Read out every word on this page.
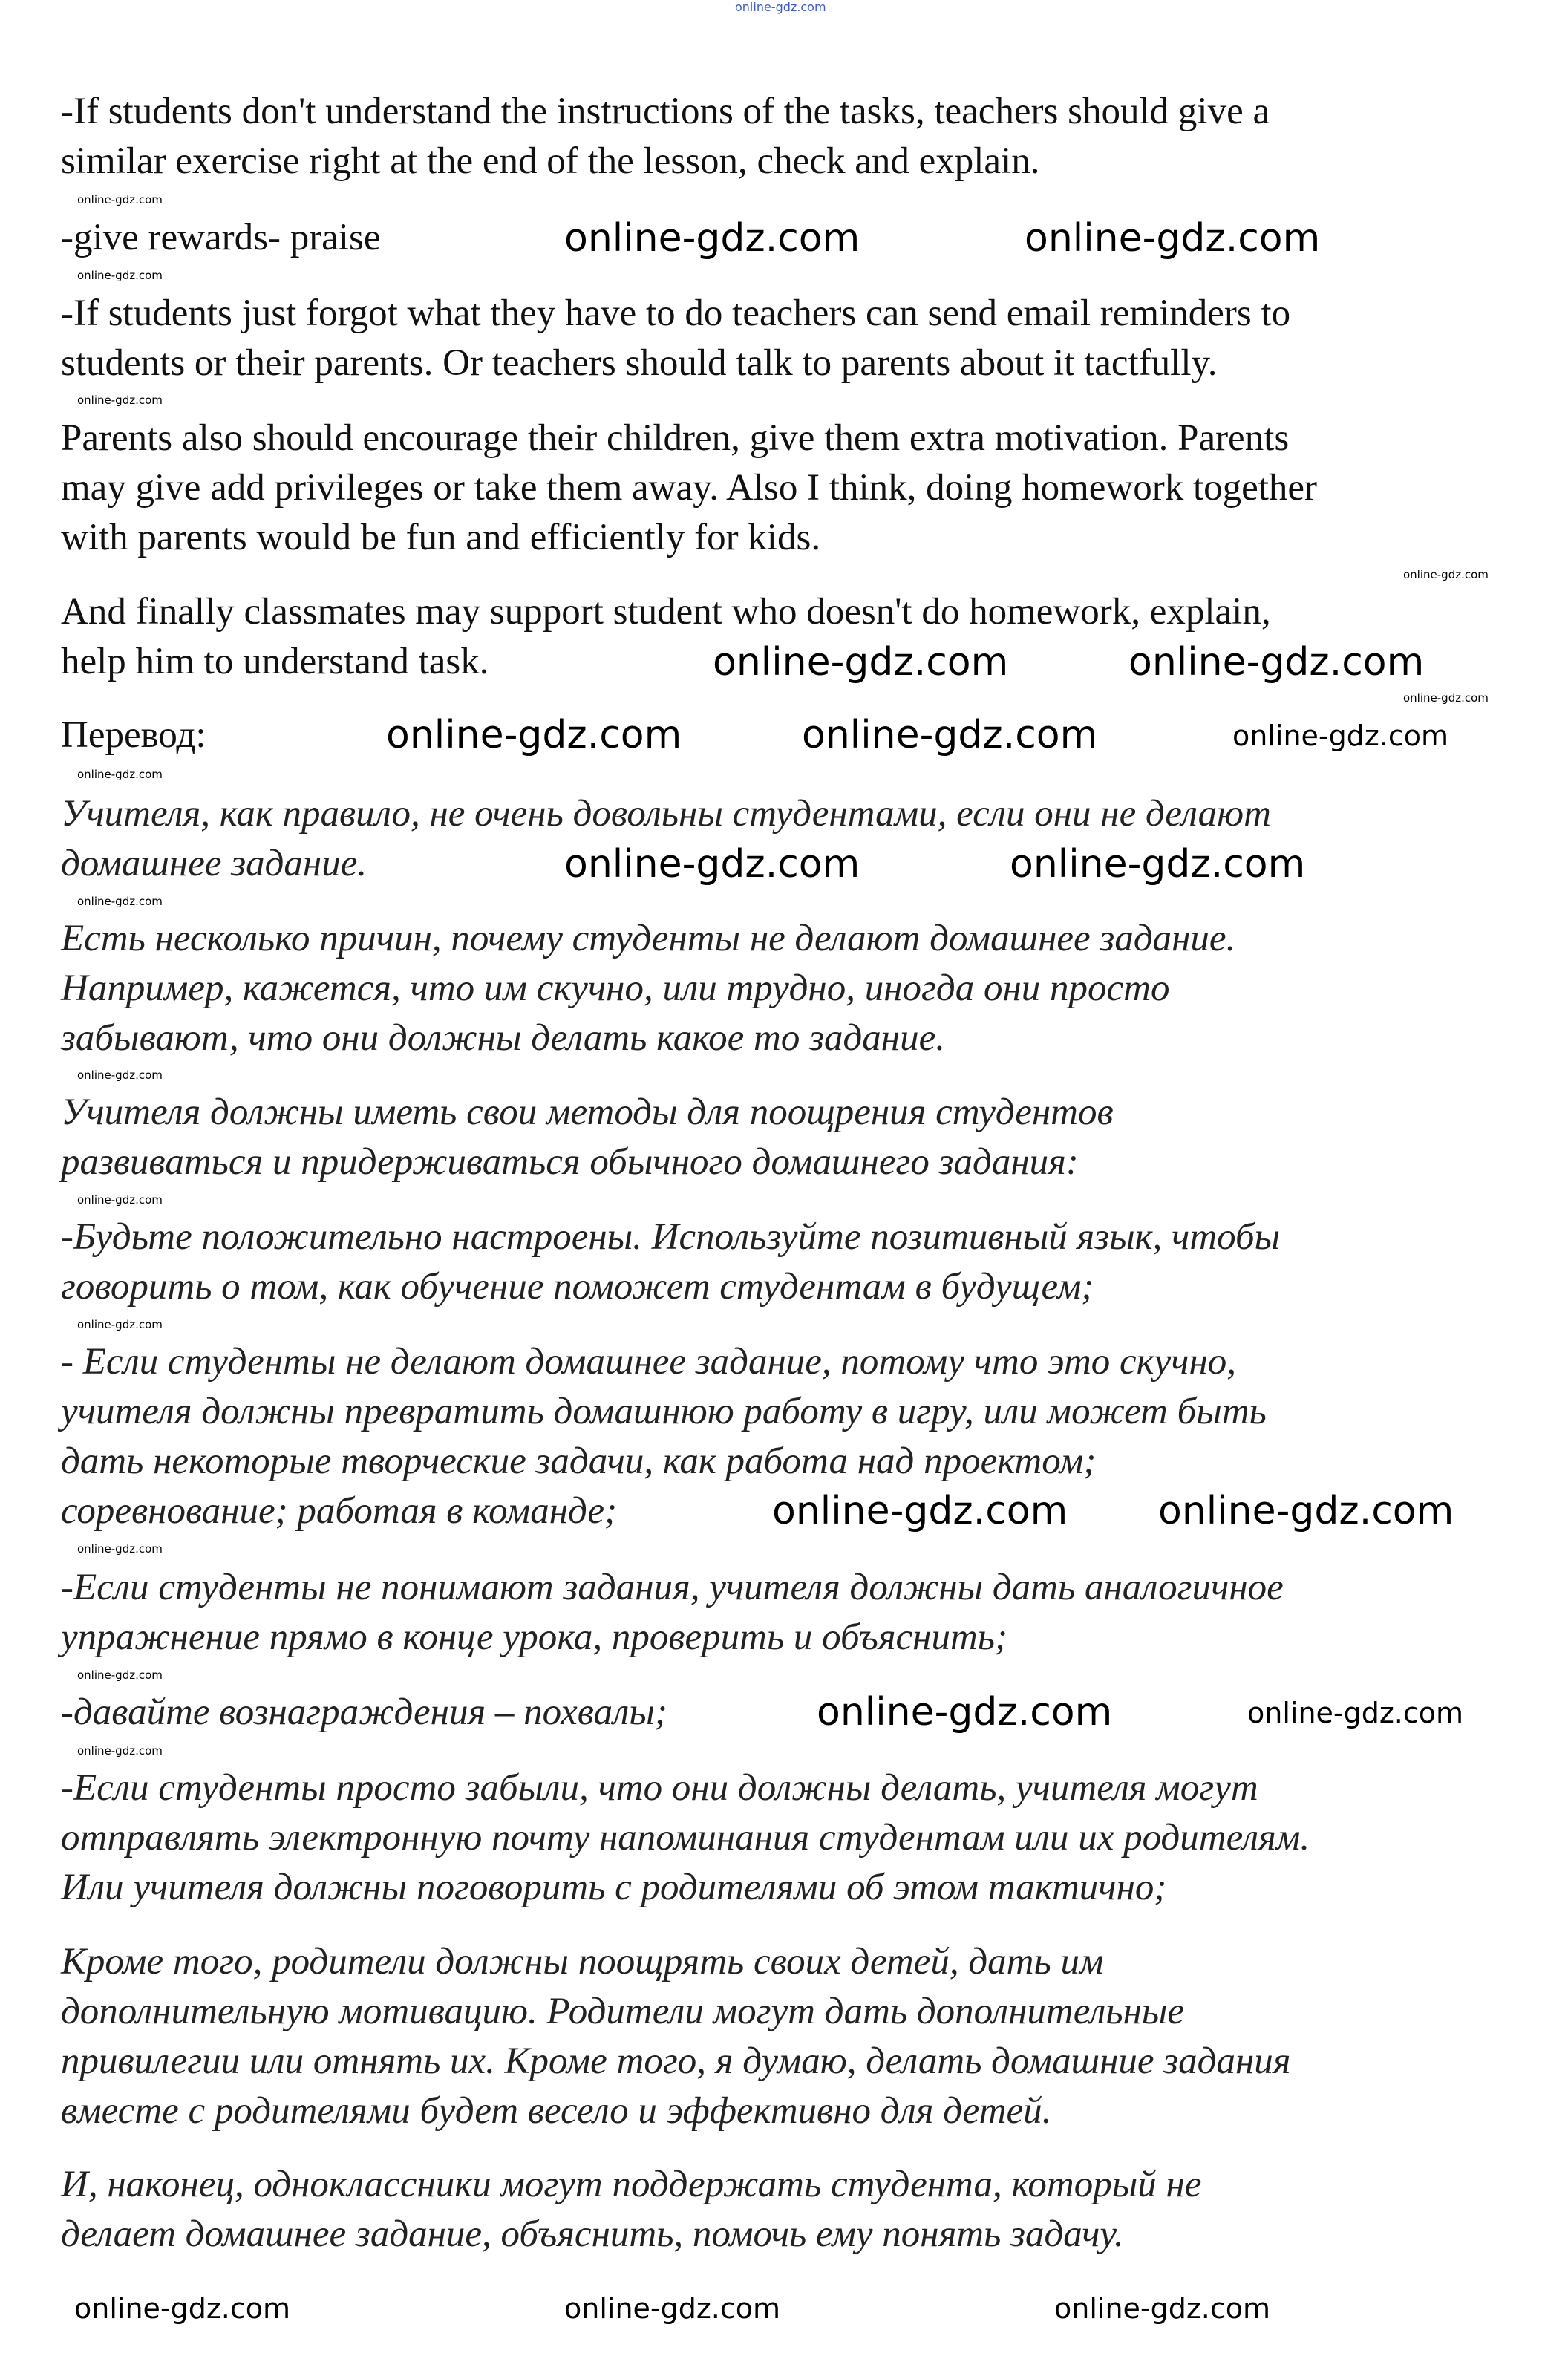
online-gdz.com
-If students don't understand the instructions of the tasks, teachers should give a
similar exercise right at the end of the lesson, check and explain.
-give rewards- praise
-If students just forgot what they have to do teachers can send email reminders to
students or their parents. Or teachers should talk to parents about it tactfully.
Parents also should encourage their children, give them extra motivation. Parents
may give add privileges or take them away. Also I think, doing homework together
with parents would be fun and efficiently for kids.
And finally classmates may support student who doesn't do homework, explain,
help him to understand task.
Перевод:
Учителя, как правило, не очень довольны студентами, если они не делают
домашнее задание.
Есть несколько причин, почему студенты не делают домашнее задание.
Например, кажется, что им скучно, или трудно, иногда они просто
забывают, что они должны делать какое то задание.
Учителя должны иметь свои методы для поощрения студентов
развиваться и придерживаться обычного домашнего задания:
-Будьте положительно настроены. Используйте позитивный язык, чтобы
говорить о том, как обучение поможет студентам в будущем;
- Если студенты не делают домашнее задание, потому что это скучно,
учителя должны превратить домашнюю работу в игру, или может быть
дать некоторые творческие задачи, как работа над проектом;
соревнование; работая в команде;
-Если студенты не понимают задания, учителя должны дать аналогичное
упражнение прямо в конце урока, проверить и объяснить;
-давайте вознаграждения – похвалы;
-Если студенты просто забыли, что они должны делать, учителя могут
отправлять электронную почту напоминания студентам или их родителям.
Или учителя должны поговорить с родителями об этом тактично;
Кроме того, родители должны поощрять своих детей, дать им
дополнительную мотивацию. Родители могут дать дополнительные
привилегии или отнять их. Кроме того, я думаю, делать домашние задания
вместе с родителями будет весело и эффективно для детей.
И, наконец, одноклассники могут поддержать студента, который не
делает домашнее задание, объяснить, помочь ему понять задачу.
online-gdz.com	online-gdz.com
online-gdz.com	online-gdz.com
online-gdz.com	online-gdz.com	online-gdz.com
online-gdz.com	online-gdz.com
online-gdz.com online-gdz.com
online-gdz.com	online-gdz.com
online-gdz.com	online-gdz.com	online-gdz.com
online-gdz.com
online-gdz.com
online-gdz.com
online-gdz.com
online-gdz.com
online-gdz.com
online-gdz.com
online-gdz.com
online-gdz.com
online-gdz.com
online-gdz.com
online-gdz.com
online-gdz.com
